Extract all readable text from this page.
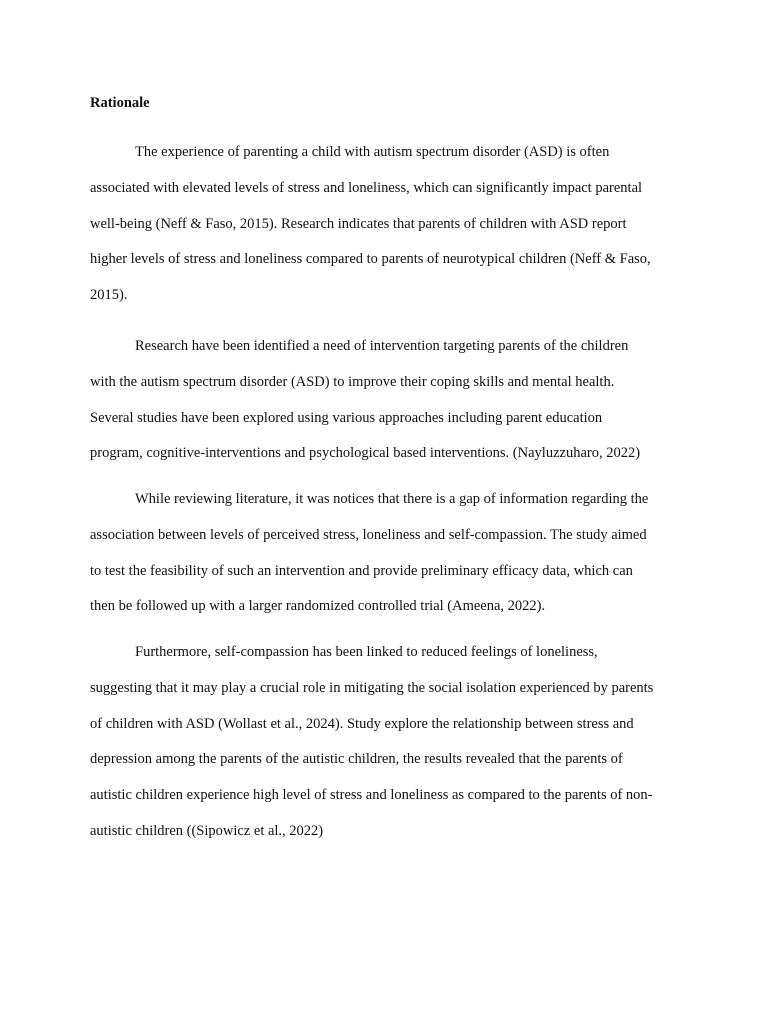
Rationale

The experience of parenting a child with autism spectrum disorder (ASD) is often
associated with elevated levels of stress and loneliness, which can significantly impact parental
well-being (Neff & Faso, 2015). Research indicates that parents of children with ASD report
higher levels of stress and loneliness compared to parents of neurotypical children (Neff & Faso,
2015).

Research have been identified a need of intervention targeting parents of the children
with the autism spectrum disorder (ASD) to improve their coping skills and mental health.
Several studies have been explored using various approaches including parent education
program, cognitive-interventions and psychological based interventions. (Nayluzzuharo, 2022)

While reviewing literature, it was notices that there is a gap of information regarding the
association between levels of perceived stress, loneliness and self-compassion. The study aimed
to test the feasibility of such an intervention and provide preliminary efficacy data, which can
then be followed up with a larger randomized controlled trial (Ameena, 2022).

Furthermore, self-compassion has been linked to reduced feelings of loneliness,
suggesting that it may play a crucial role in mitigating the social isolation experienced by parents
of children with ASD (Wollast et al., 2024). Study explore the relationship between stress and
depression among the parents of the autistic children, the results revealed that the parents of
autistic children experience high level of stress and loneliness as compared to the parents of non-
autistic children ((Sipowicz et al., 2022)
